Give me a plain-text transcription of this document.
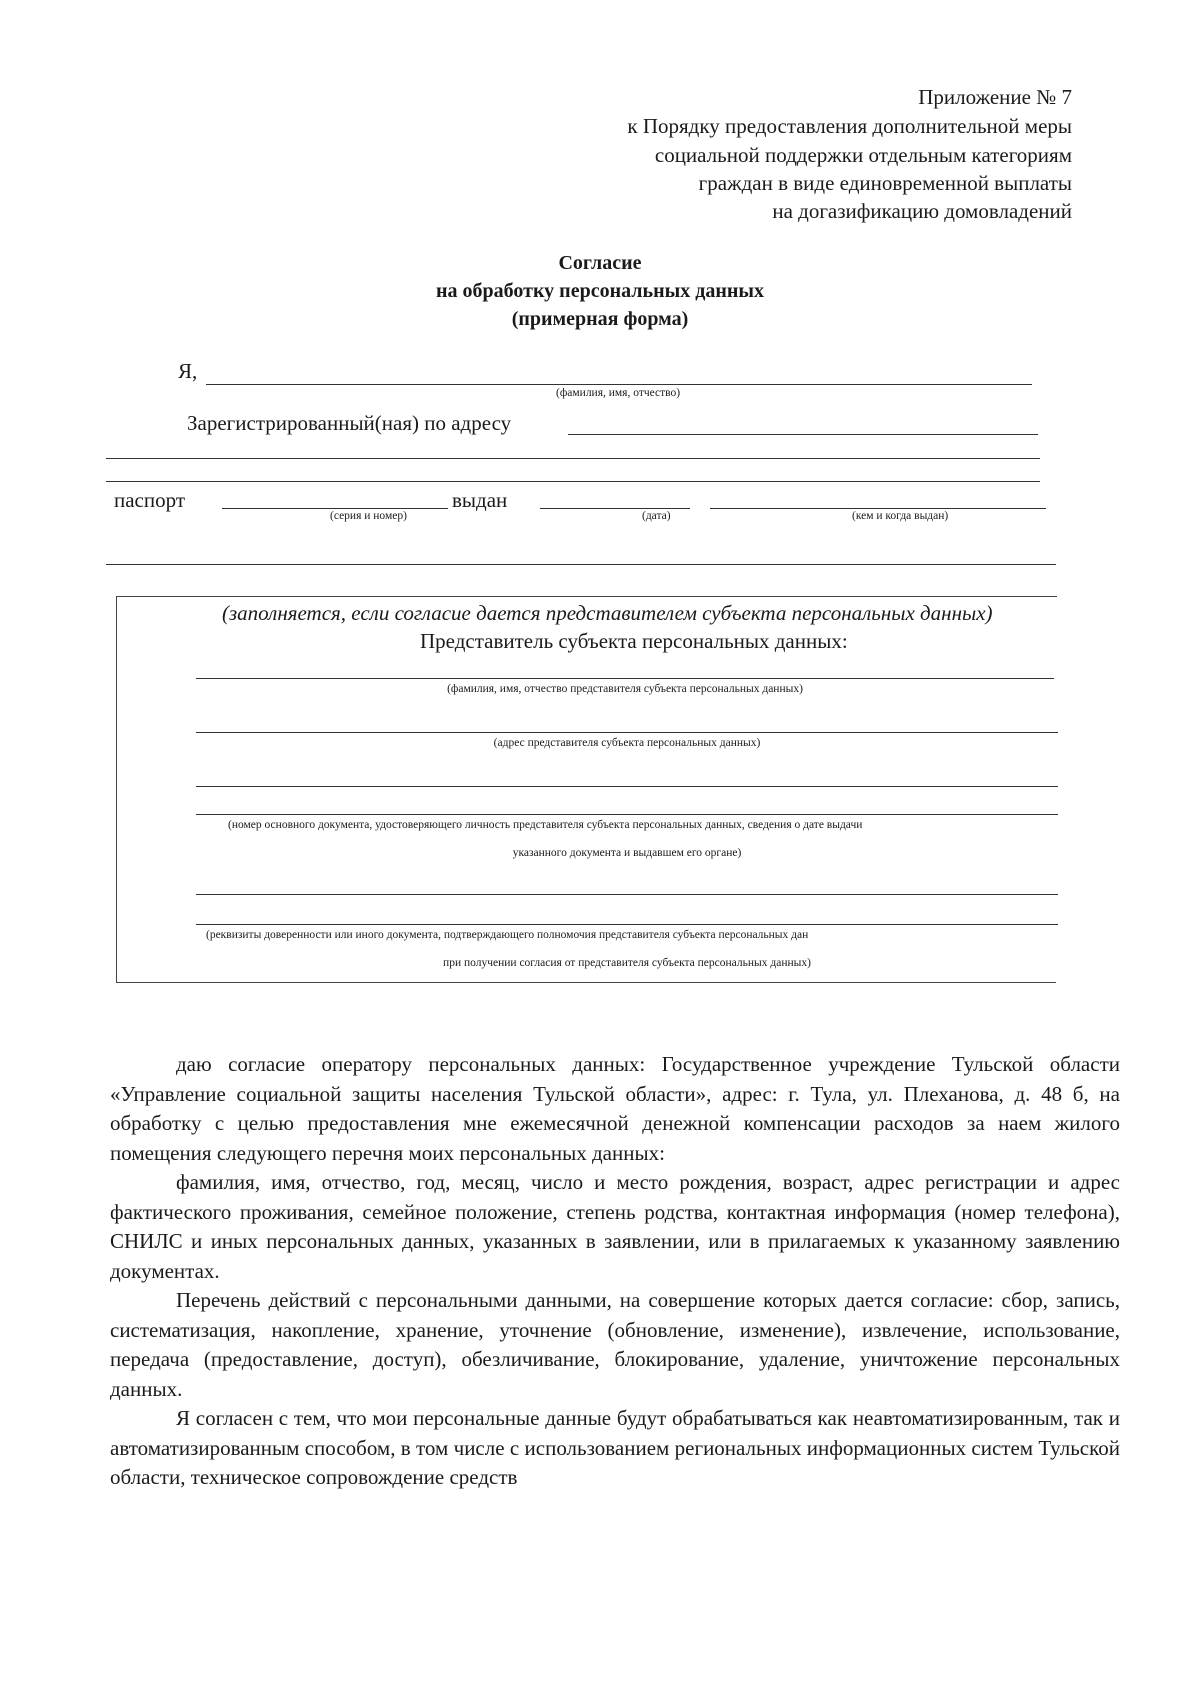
Приложение № 7
к Порядку предоставления дополнительной меры
социальной поддержки отдельным категориям
граждан в виде единовременной выплаты
на догазификацию домовладений
Согласие
на обработку персональных данных
(примерная форма)
Я,
(фамилия, имя, отчество)
Зарегистрированный(ная) по адресу
паспорт
(серия и номер)
выдан
(дата)	(кем и когда выдан)
(заполняется, если согласие дается представителем субъекта персональных данных)
Представитель субъекта персональных данных:
(фамилия, имя, отчество представителя субъекта персональных данных)
(адрес представителя субъекта персональных данных)
(номер основного документа, удостоверяющего личность представителя субъекта персональных данных, сведения о дате выдачи
указанного документа и выдавшем его органе)
(реквизиты доверенности или иного документа, подтверждающего полномочия представителя субъекта персональных дан
при получении согласия от представителя субъекта персональных данных)

даю согласие оператору персональных данных: Государственное учреждение Тульской области «Управление социальной защиты населения Тульской области», адрес: г. Тула, ул. Плеханова, д. 48 б, на обработку с целью предоставления мне ежемесячной денежной компенсации расходов за наем жилого помещения следующего перечня моих персональных данных:

фамилия, имя, отчество, год, месяц, число и место рождения, возраст, адрес регистрации и адрес фактического проживания, семейное положение, степень родства, контактная информация (номер телефона), СНИЛС и иных персональных данных, указанных в заявлении, или в прилагаемых к указанному заявлению документах.

Перечень действий с персональными данными, на совершение которых дается согласие: сбор, запись, систематизация, накопление, хранение, уточнение (обновление, изменение), извлечение, использование, передача (предоставление, доступ), обезличивание, блокирование, удаление, уничтожение персональных данных.

Я согласен с тем, что мои персональные данные будут обрабатываться как неавтоматизированным, так и автоматизированным способом, в том числе с использованием региональных информационных систем Тульской области, техническое сопровождение средств
